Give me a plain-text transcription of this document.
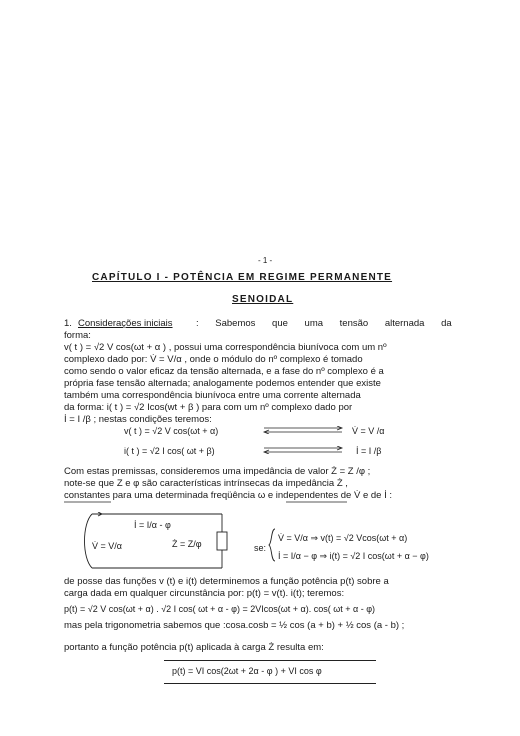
- 1 -
CAPÍTULO I - POTÊNCIA EM REGIME PERMANENTE
SENOIDAL
1. Considerações iniciais : Sabemos que uma tensão alternada da
forma:
v( t ) = √2 V cos(ωt + α ) , possui uma correspondência biunívoca com um nº
complexo dado por: V̇ = V/α , onde o módulo do nº complexo é tomado
como sendo o valor eficaz da tensão alternada, e a fase do nº complexo é a
própria fase tensão alternada; analogamente podemos entender que existe
também uma correspondência biunívoca entre uma corrente alternada
da forma: i( t ) = √2 Icos(wt + β ) para com um nº complexo dado por
İ = I /β ; nestas condições teremos:
v( t ) = √2 V cos(ωt + α)	V̇ = V /α
i( t ) = √2 I cos( ωt + β)	İ = I /β
Com estas premissas, consideremos uma impedância de valor Ż = Z /φ ;
note-se que Z e φ são características intrínsecas da impedância Ż ,
constantes para uma determinada freqüência ω e independentes de V̇ e de İ :
İ = I/α - φ
V̇ = V/α	Ż = Z/φ	se:
V̇ = V/α ⇒ v(t) = √2 Vcos(ωt + α)
İ = I/α − φ ⇒ i(t) = √2 I cos(ωt + α − φ)
de posse das funções v (t) e i(t) determinemos a função potência p(t) sobre a
carga dada em qualquer circunstância por: p(t) = v(t). i(t); teremos:
p(t) = √2 V cos(ωt + α) . √2 I cos( ωt + α - φ) = 2VIcos(ωt + α). cos( ωt + α - φ)
mas pela trigonometria sabemos que :cosa.cosb = ½ cos (a + b) + ½ cos (a - b) ;
portanto a função potência p(t) aplicada à carga Ż resulta em:
p(t) = VI cos(2ωt + 2α - φ ) + VI cos φ
